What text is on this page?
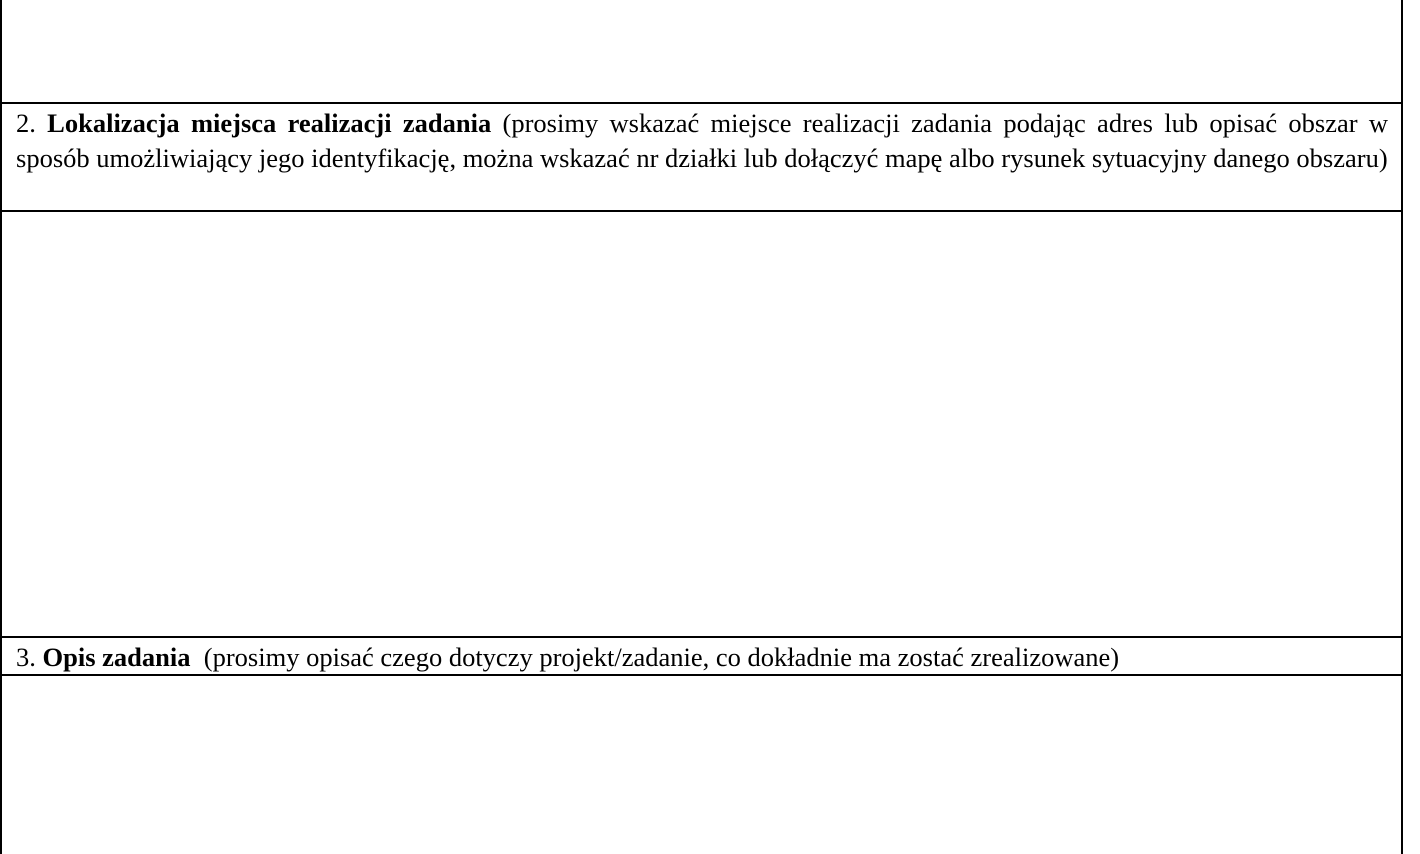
2. Lokalizacja miejsca realizacji zadania (prosimy wskazać miejsce realizacji zadania podając adres lub opisać obszar w sposób umożliwiający jego identyfikację, można wskazać nr działki lub dołączyć mapę albo rysunek sytuacyjny danego obszaru)
3. Opis zadania (prosimy opisać czego dotyczy projekt/zadanie, co dokładnie ma zostać zrealizowane)
